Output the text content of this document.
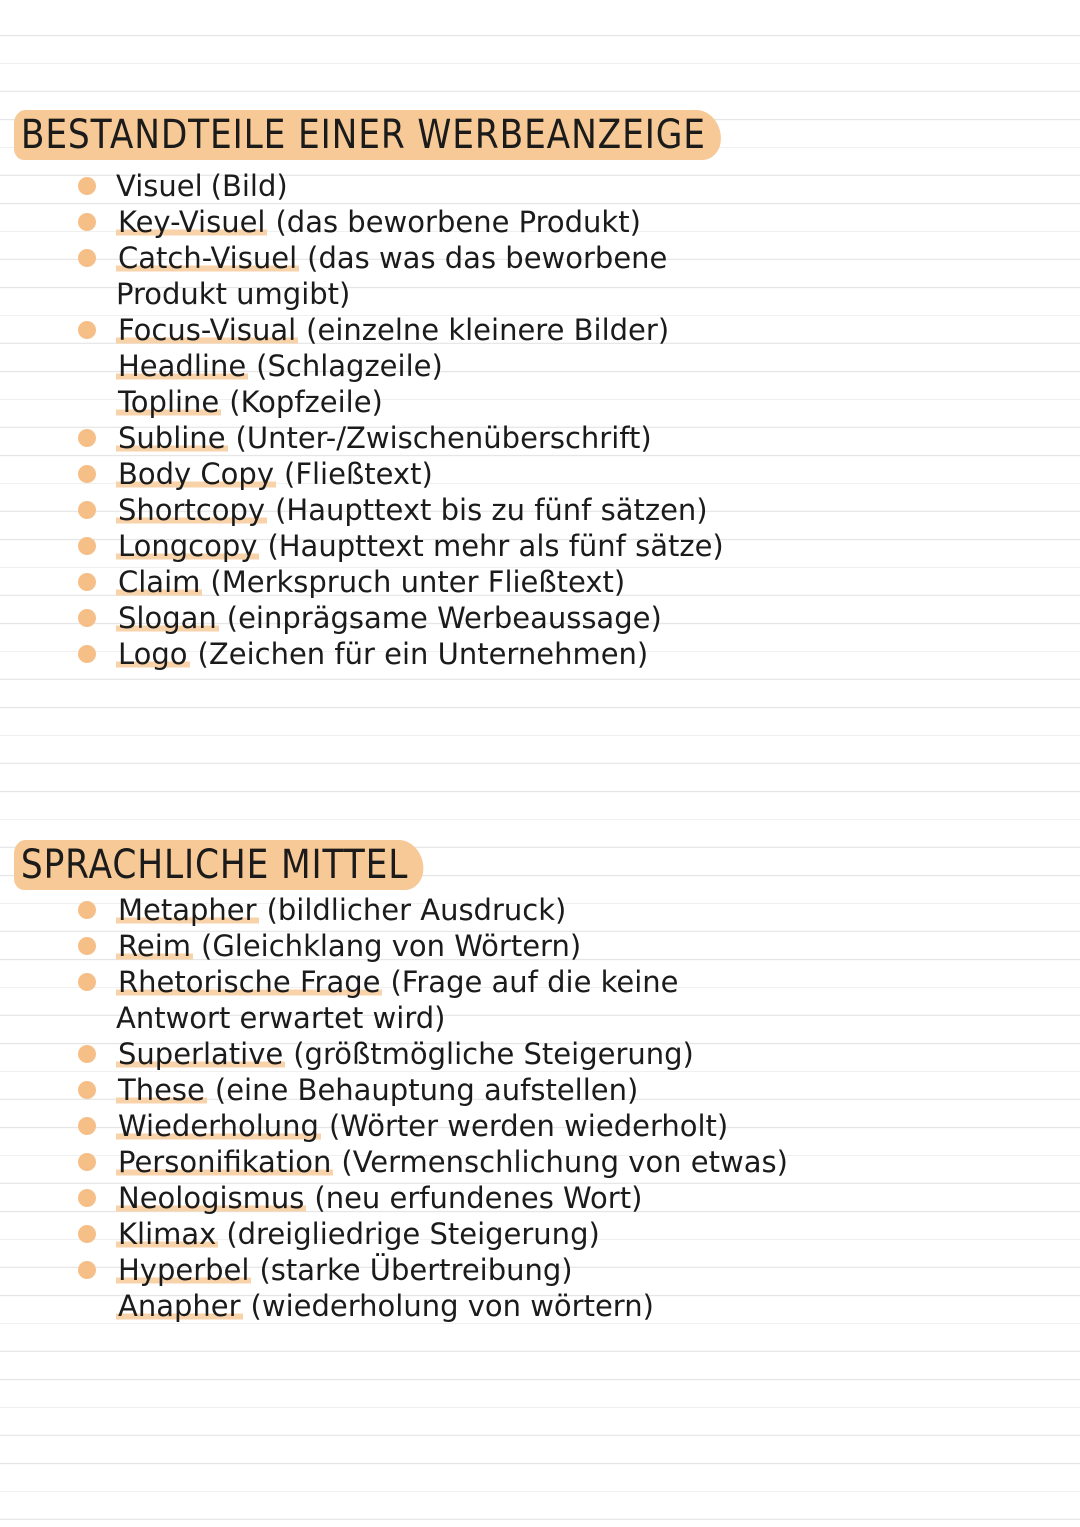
BESTANDTEILE EINER WERBEANZEIGE
Visuel (Bild)
Key-Visuel (das beworbene Produkt)
Catch-Visuel (das was das beworbene
Produkt umgibt)
Focus-Visual (einzelne kleinere Bilder)
Headline (Schlagzeile)
Topline (Kopfzeile)
Subline (Unter-/Zwischenüberschrift)
Body Copy (Fließtext)
Shortcopy (Haupttext bis zu fünf sätzen)
Longcopy (Haupttext mehr als fünf sätze)
Claim (Merkspruch unter Fließtext)
Slogan (einprägsame Werbeaussage)
Logo (Zeichen für ein Unternehmen)
SPRACHLICHE MITTEL
Metapher (bildlicher Ausdruck)
Reim (Gleichklang von Wörtern)
Rhetorische Frage (Frage auf die keine
Antwort erwartet wird)
Superlative (größtmögliche Steigerung)
These (eine Behauptung aufstellen)
Wiederholung (Wörter werden wiederholt)
Personifikation (Vermenschlichung von etwas)
Neologismus (neu erfundenes Wort)
Klimax (dreigliedrige Steigerung)
Hyperbel (starke Übertreibung)
Anapher (wiederholung von wörtern)
